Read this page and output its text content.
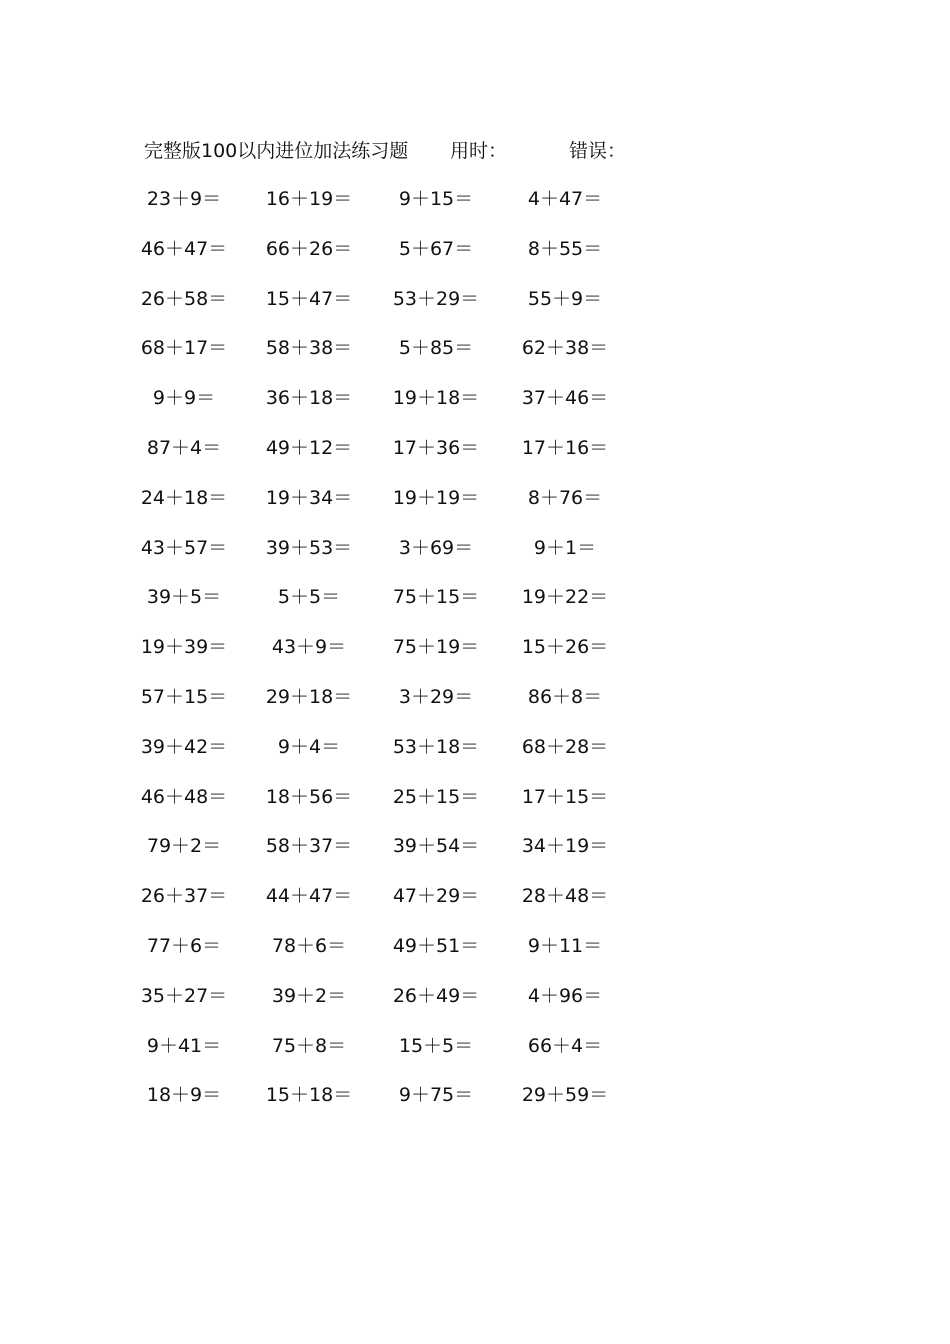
完整版100以内进位加法练习题 用时：	错误：
23＋9＝	16＋19＝	9＋15＝	4＋47＝
46＋47＝	66＋26＝	5＋67＝	8＋55＝
26＋58＝	15＋47＝	53＋29＝	55＋9＝
68＋17＝	58＋38＝	5＋85＝	62＋38＝
9＋9＝	36＋18＝	19＋18＝	37＋46＝
87＋4＝	49＋12＝	17＋36＝	17＋16＝
24＋18＝	19＋34＝	19＋19＝	8＋76＝
43＋57＝	39＋53＝	3＋69＝	9＋1＝
39＋5＝	5＋5＝	75＋15＝	19＋22＝
19＋39＝	43＋9＝	75＋19＝	15＋26＝
57＋15＝	29＋18＝	3＋29＝	86＋8＝
39＋42＝	9＋4＝	53＋18＝	68＋28＝
46＋48＝	18＋56＝	25＋15＝	17＋15＝
79＋2＝	58＋37＝	39＋54＝	34＋19＝
26＋37＝	44＋47＝	47＋29＝	28＋48＝
77＋6＝	78＋6＝	49＋51＝	9＋11＝
35＋27＝	39＋2＝	26＋49＝	4＋96＝
9＋41＝	75＋8＝	15＋5＝	66＋4＝
18＋9＝	15＋18＝	9＋75＝	29＋59＝
